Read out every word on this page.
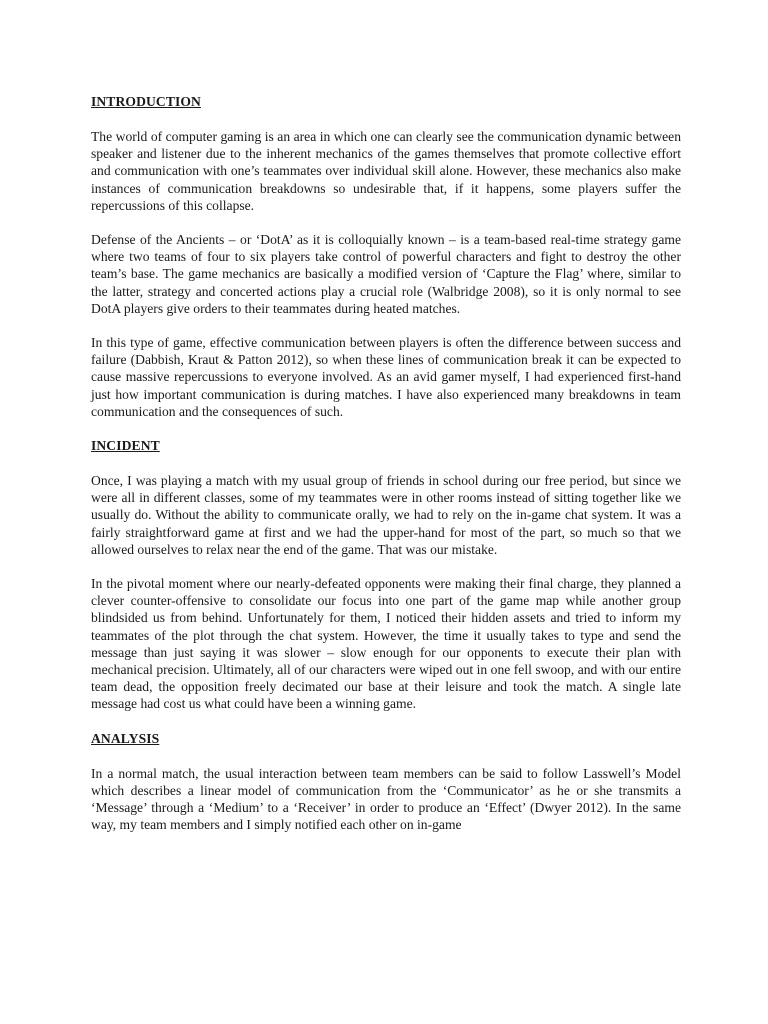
INTRODUCTION

The world of computer gaming is an area in which one can clearly see the communication dynamic between speaker and listener due to the inherent mechanics of the games themselves that promote collective effort and communication with one’s teammates over individual skill alone. However, these mechanics also make instances of communication breakdowns so undesirable that, if it happens, some players suffer the repercussions of this collapse.

Defense of the Ancients – or ‘DotA’ as it is colloquially known – is a team-based real-time strategy game where two teams of four to six players take control of powerful characters and fight to destroy the other team’s base. The game mechanics are basically a modified version of ‘Capture the Flag’ where, similar to the latter, strategy and concerted actions play a crucial role (Walbridge 2008), so it is only normal to see DotA players give orders to their teammates during heated matches.

In this type of game, effective communication between players is often the difference between success and failure (Dabbish, Kraut & Patton 2012), so when these lines of communication break it can be expected to cause massive repercussions to everyone involved. As an avid gamer myself, I had experienced first-hand just how important communication is during matches. I have also experienced many breakdowns in team communication and the consequences of such.

INCIDENT

Once, I was playing a match with my usual group of friends in school during our free period, but since we were all in different classes, some of my teammates were in other rooms instead of sitting together like we usually do. Without the ability to communicate orally, we had to rely on the in-game chat system. It was a fairly straightforward game at first and we had the upper-hand for most of the part, so much so that we allowed ourselves to relax near the end of the game. That was our mistake.

In the pivotal moment where our nearly-defeated opponents were making their final charge, they planned a clever counter-offensive to consolidate our focus into one part of the game map while another group blindsided us from behind. Unfortunately for them, I noticed their hidden assets and tried to inform my teammates of the plot through the chat system. However, the time it usually takes to type and send the message than just saying it was slower – slow enough for our opponents to execute their plan with mechanical precision. Ultimately, all of our characters were wiped out in one fell swoop, and with our entire team dead, the opposition freely decimated our base at their leisure and took the match. A single late message had cost us what could have been a winning game.

ANALYSIS

In a normal match, the usual interaction between team members can be said to follow Lasswell’s Model which describes a linear model of communication from the ‘Communicator’ as he or she transmits a ‘Message’ through a ‘Medium’ to a ‘Receiver’ in order to produce an ‘Effect’ (Dwyer 2012). In the same way, my team members and I simply notified each other on in-game
